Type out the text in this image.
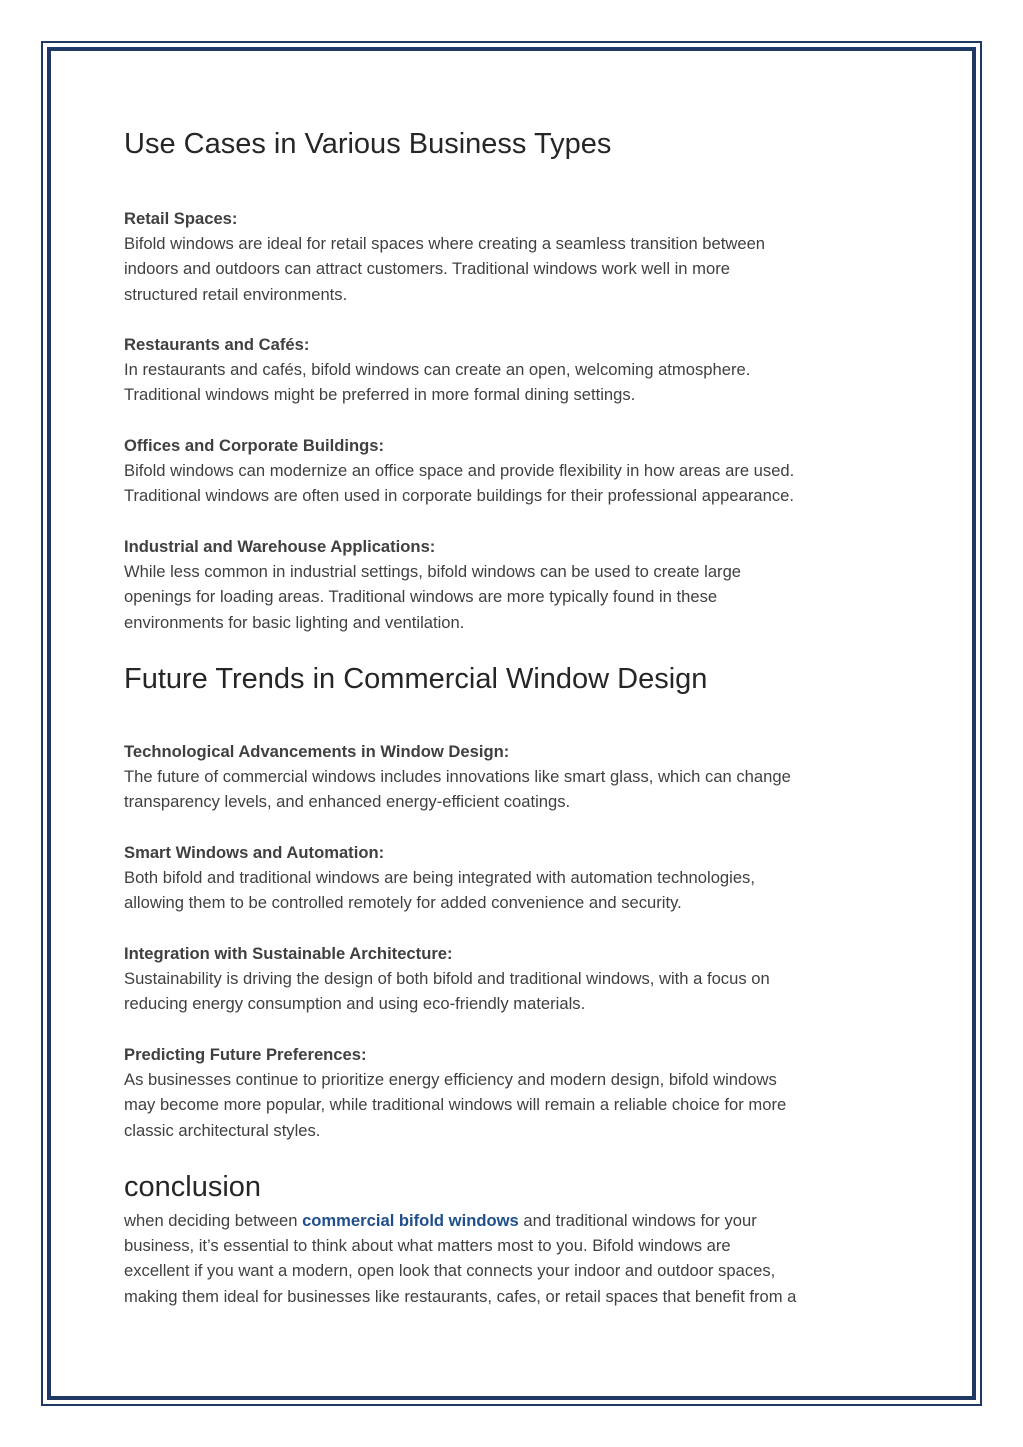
Use Cases in Various Business Types
Retail Spaces:
Bifold windows are ideal for retail spaces where creating a seamless transition between
indoors and outdoors can attract customers. Traditional windows work well in more
structured retail environments.
Restaurants and Cafés:
In restaurants and cafés, bifold windows can create an open, welcoming atmosphere.
Traditional windows might be preferred in more formal dining settings.
Offices and Corporate Buildings:
Bifold windows can modernize an office space and provide flexibility in how areas are used.
Traditional windows are often used in corporate buildings for their professional appearance.
Industrial and Warehouse Applications:
While less common in industrial settings, bifold windows can be used to create large
openings for loading areas. Traditional windows are more typically found in these
environments for basic lighting and ventilation.
Future Trends in Commercial Window Design
Technological Advancements in Window Design:
The future of commercial windows includes innovations like smart glass, which can change
transparency levels, and enhanced energy-efficient coatings.
Smart Windows and Automation:
Both bifold and traditional windows are being integrated with automation technologies,
allowing them to be controlled remotely for added convenience and security.
Integration with Sustainable Architecture:
Sustainability is driving the design of both bifold and traditional windows, with a focus on
reducing energy consumption and using eco-friendly materials.
Predicting Future Preferences:
As businesses continue to prioritize energy efficiency and modern design, bifold windows
may become more popular, while traditional windows will remain a reliable choice for more
classic architectural styles.
conclusion
when deciding between commercial bifold windows and traditional windows for your
business, it’s essential to think about what matters most to you. Bifold windows are
excellent if you want a modern, open look that connects your indoor and outdoor spaces,
making them ideal for businesses like restaurants, cafes, or retail spaces that benefit from a
